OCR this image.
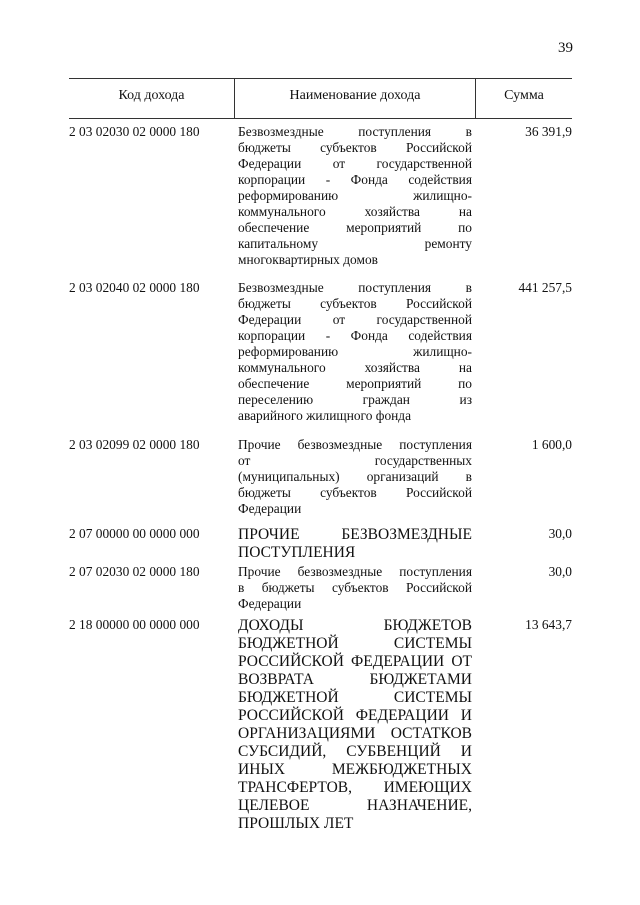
39
Код дохода	Наименование дохода	Сумма
2 03 02030 02 0000 180	Безвозмездные поступления в
бюджеты субъектов Российской
Федерации от государственной
корпорации - Фонда содействия
реформированию жилищно-
коммунального хозяйства на
обеспечение мероприятий по
капитальному ремонту
многоквартирных домов
36 391,9
2 03 02040 02 0000 180	Безвозмездные поступления в
бюджеты субъектов Российской
Федерации от государственной
корпорации - Фонда содействия
реформированию жилищно-
коммунального хозяйства на
обеспечение мероприятий по
переселению граждан из
аварийного жилищного фонда
441 257,5
2 03 02099 02 0000 180	Прочие безвозмездные поступления
от государственных
(муниципальных) организаций в
бюджеты субъектов Российской
Федерации
1 600,0
2 07 00000 00 0000 000	ПРОЧИЕ БЕЗВОЗМЕЗДНЫЕ
ПОСТУПЛЕНИЯ
30,0
2 07 02030 02 0000 180	Прочие безвозмездные поступления
в бюджеты субъектов Российской
Федерации
30,0
2 18 00000 00 0000 000	ДОХОДЫ БЮДЖЕТОВ
БЮДЖЕТНОЙ СИСТЕМЫ
РОССИЙСКОЙ ФЕДЕРАЦИИ ОТ
ВОЗВРАТА БЮДЖЕТАМИ
БЮДЖЕТНОЙ СИСТЕМЫ
РОССИЙСКОЙ ФЕДЕРАЦИИ И
ОРГАНИЗАЦИЯМИ ОСТАТКОВ
СУБСИДИЙ, СУБВЕНЦИЙ И
ИНЫХ МЕЖБЮДЖЕТНЫХ
ТРАНСФЕРТОВ, ИМЕЮЩИХ
ЦЕЛЕВОЕ НАЗНАЧЕНИЕ,
ПРОШЛЫХ ЛЕТ
13 643,7
